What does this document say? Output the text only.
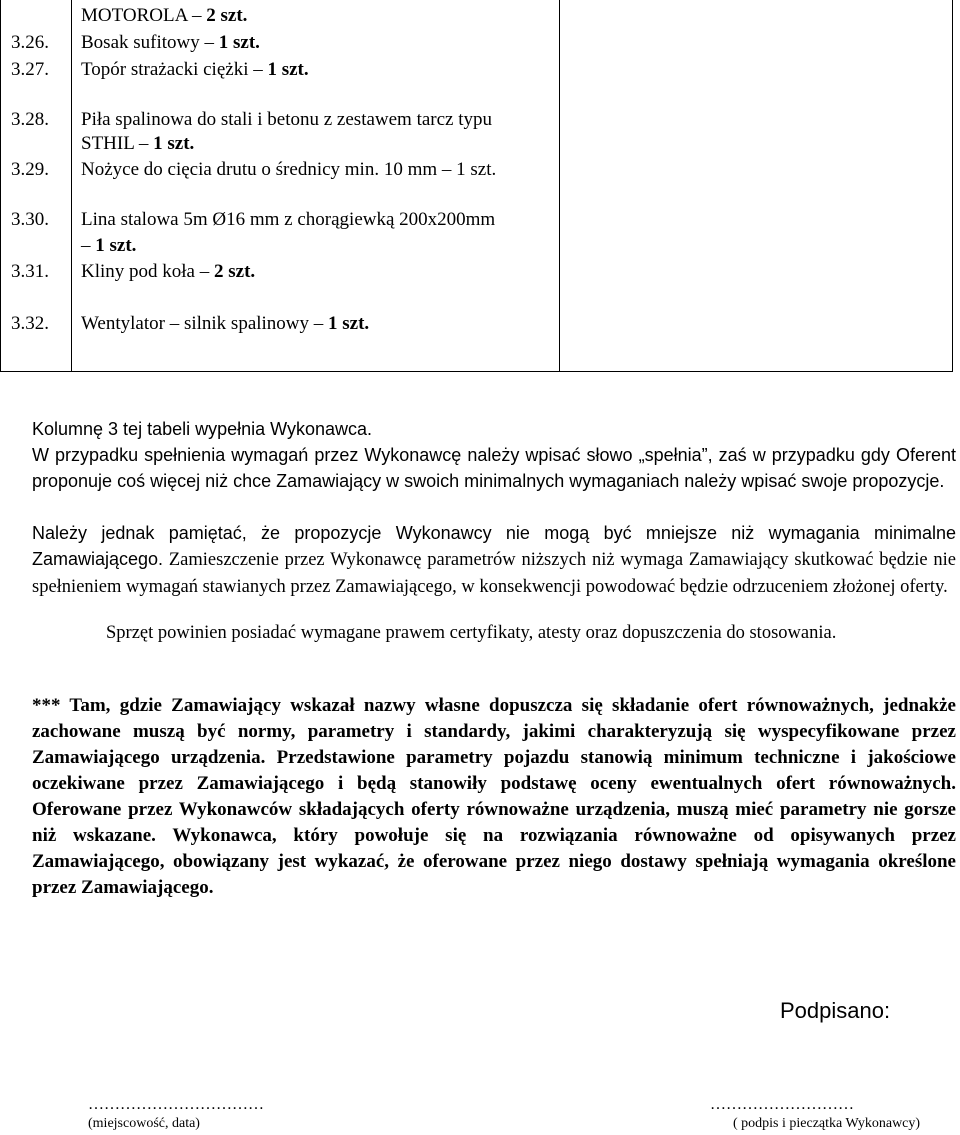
MOTOROLA – 2 szt.
3.26. Bosak sufitowy – 1 szt.
3.27. Topór strażacki ciężki – 1 szt.
3.28. Piła spalinowa do stali i betonu z zestawem tarcz typu
STHIL – 1 szt.
3.29. Nożyce do cięcia drutu o średnicy min. 10 mm – 1 szt.
3.30. Lina stalowa 5m Ø16 mm z chorągiewką 200x200mm
– 1 szt.
3.31. Kliny pod koła – 2 szt.
3.32. Wentylator – silnik spalinowy – 1 szt.

Kolumnę 3 tej tabeli wypełnia Wykonawca.

W przypadku spełnienia wymagań przez Wykonawcę należy wpisać słowo „spełnia”, zaś w przypadku gdy Oferent proponuje coś więcej niż chce Zamawiający w swoich minimalnych wymaganiach należy wpisać swoje propozycje.

Należy jednak pamiętać, że propozycje Wykonawcy nie mogą być mniejsze niż wymagania minimalne Zamawiającego. Zamieszczenie przez Wykonawcę parametrów niższych niż wymaga Zamawiający skutkować będzie nie spełnieniem wymagań stawianych przez Zamawiającego, w konsekwencji powodować będzie odrzuceniem złożonej oferty.

Sprzęt powinien posiadać wymagane prawem certyfikaty, atesty oraz dopuszczenia do stosowania.

*** Tam, gdzie Zamawiający wskazał nazwy własne dopuszcza się składanie ofert równoważnych, jednakże zachowane muszą być normy, parametry i standardy, jakimi charakteryzują się wyspecyfikowane przez Zamawiającego urządzenia. Przedstawione parametry pojazdu stanowią minimum techniczne i jakościowe oczekiwane przez Zamawiającego i będą stanowiły podstawę oceny ewentualnych ofert równoważnych. Oferowane przez Wykonawców składających oferty równoważne urządzenia, muszą mieć parametry nie gorsze niż wskazane. Wykonawca, który powołuje się na rozwiązania równoważne od opisywanych przez Zamawiającego, obowiązany jest wykazać, że oferowane przez niego dostawy spełniają wymagania określone przez Zamawiającego.

Podpisano:
……………………………
(miejscowość, data)
………………………
( podpis i pieczątka Wykonawcy)
